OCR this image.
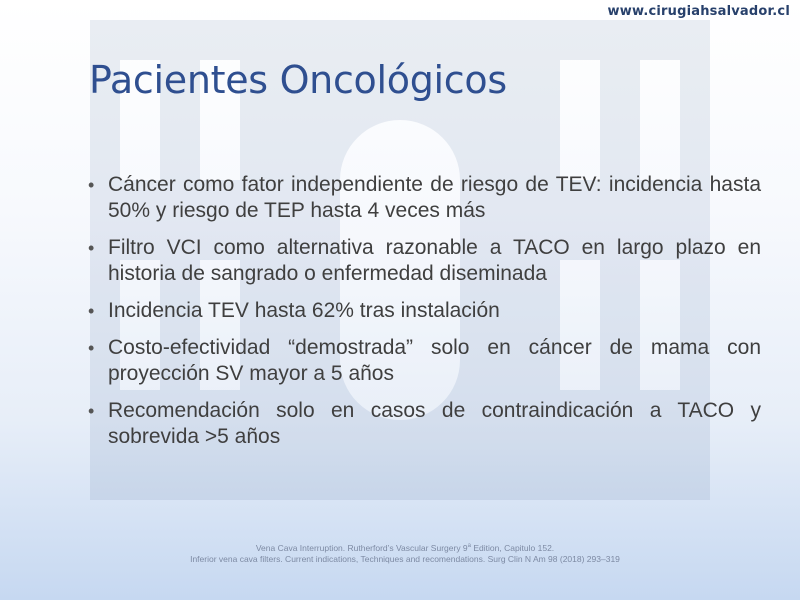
www.cirugiahsalvador.cl
Pacientes Oncológicos
• Cáncer como fator independiente de riesgo de TEV: incidencia hasta 50% y riesgo de TEP hasta 4 veces más
• Filtro VCI como alternativa razonable a TACO en largo plazo en historia de sangrado o enfermedad diseminada
• Incidencia TEV hasta 62% tras instalación
• Costo-efectividad “demostrada” solo en cáncer de mama con proyección SV mayor a 5 años
• Recomendación solo en casos de contraindicación a TACO y sobrevida >5 años
Vena Cava Interruption. Rutherford’s Vascular Surgery 9$^a$ Edition, Capitulo 152.
Inferior vena cava filters. Current indications, Techniques and recomendations. Surg Clin N Am 98 (2018) 293–319
